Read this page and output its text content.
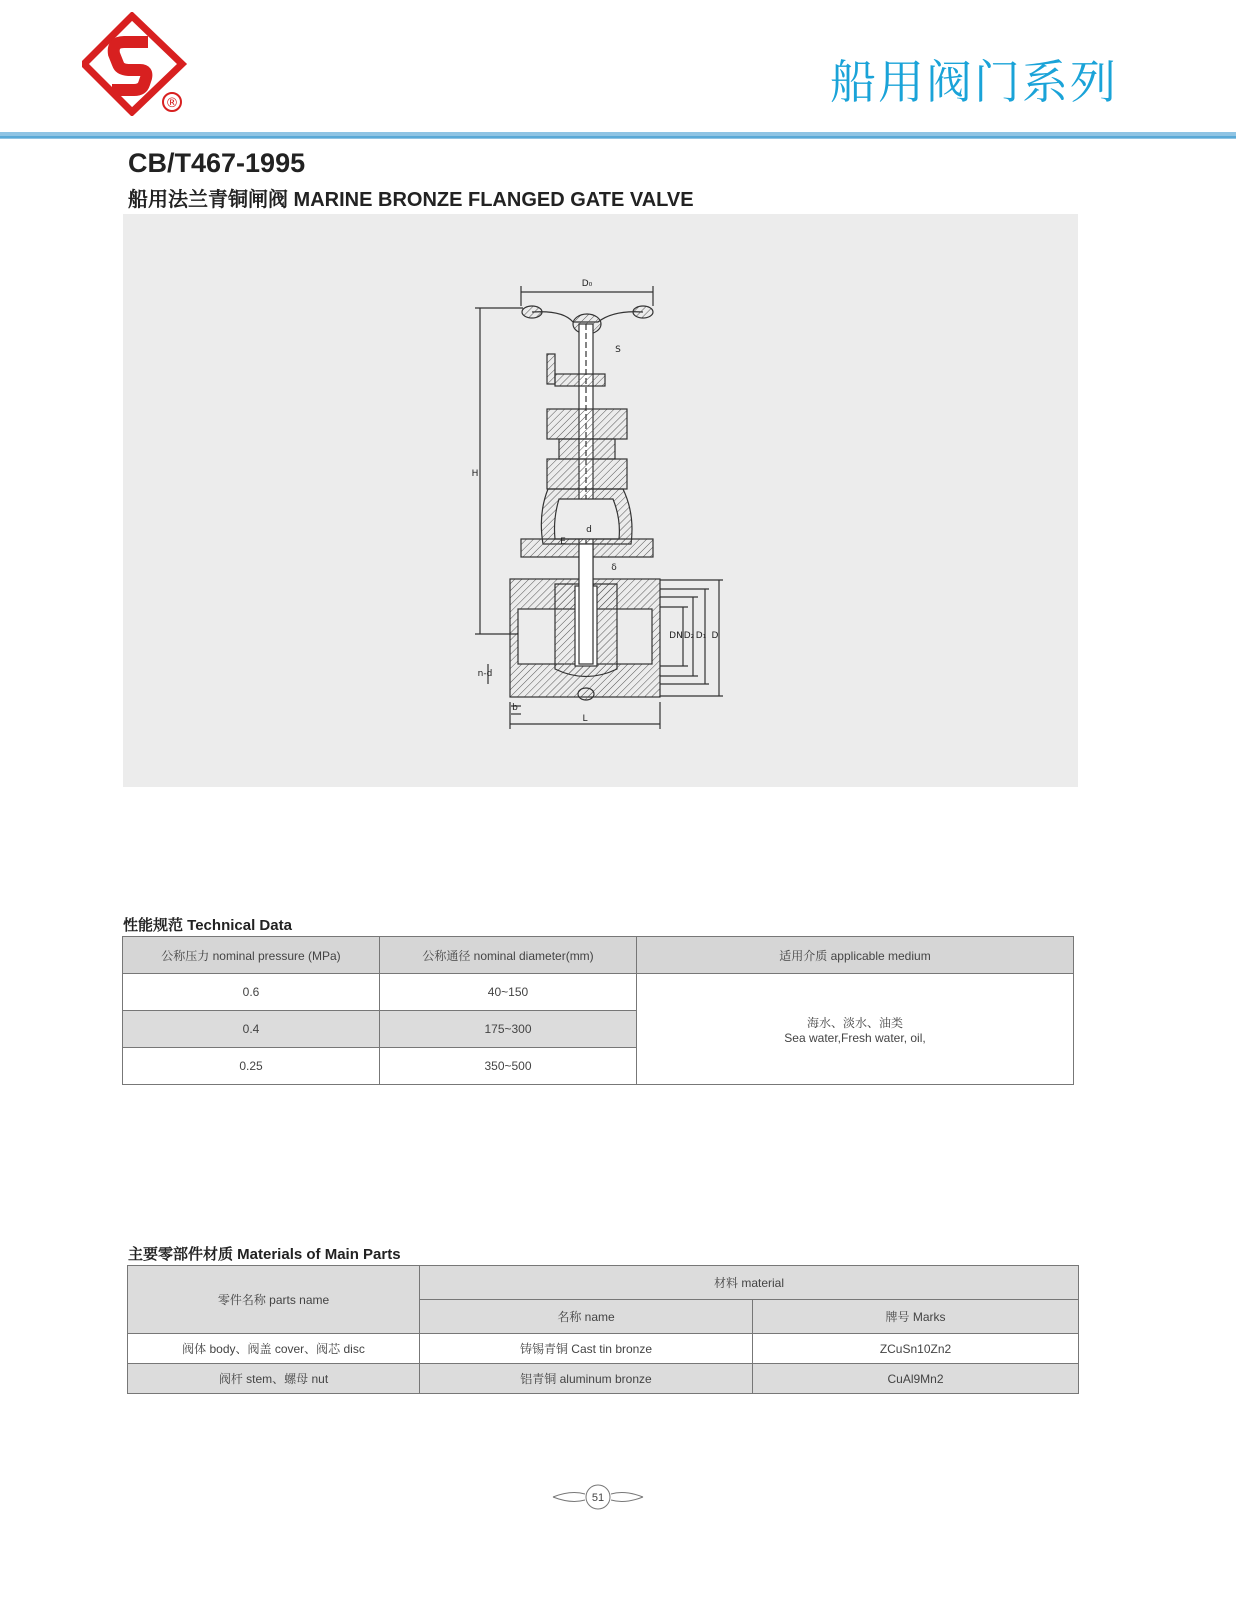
®	船用阀门系列
CB/T467-1995
船用法兰青铜闸阀 MARINE BRONZE FLANGED GATE VALVE
D₀
S
H
E
d
δ
DN D₂ D₁ D
n-d
b
L
性能规范 Technical Data
公称压力 nominal pressure (MPa)	公称通径 nominal diameter(mm)	适用介质 applicable medium
0.6	40~150	海水、淡水、油类
Sea water,Fresh water, oil,

0.4	175~300	
0.25	350~500	
主要零部件材质 Materials of Main Parts
零件名称 parts name	材料 material	
	名称 name	牌号 Marks
阀体 body、阀盖 cover、阀芯 disc	铸锡青铜 Cast tin bronze	ZCuSn10Zn2
阀杆 stem、螺母 nut	铝青铜 aluminum bronze	CuAl9Mn2
51
